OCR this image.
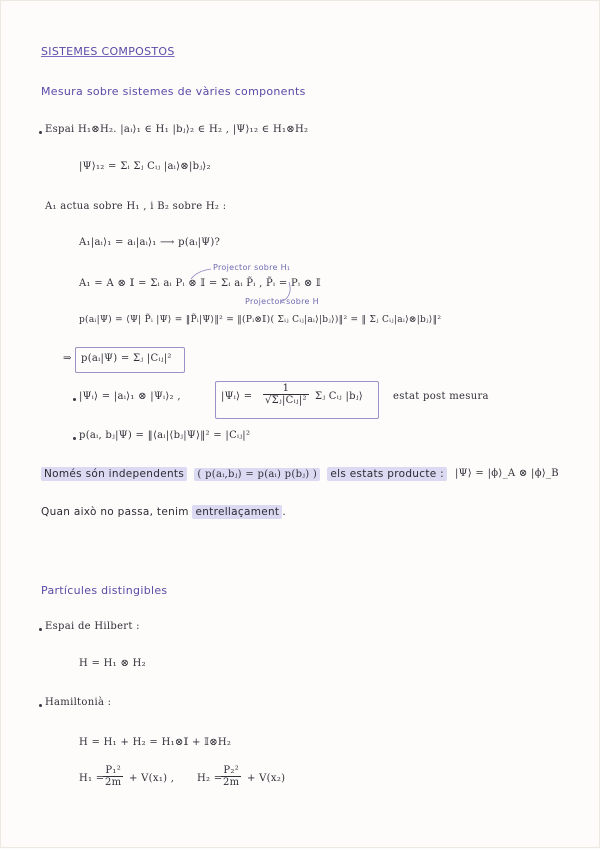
SISTEMES COMPOSTOS
Mesura sobre sistemes de vàries components
Espai H₁⊗H₂. |aᵢ⟩₁ ∈ H₁ |bⱼ⟩₂ ∈ H₂ , |Ψ⟩₁₂ ∈ H₁⊗H₂
|Ψ⟩₁₂ = Σᵢ Σⱼ Cᵢⱼ |aᵢ⟩⊗|bⱼ⟩₂
A₁ actua sobre H₁ , i B₂ sobre H₂ :
A₁|aᵢ⟩₁ = aᵢ|aᵢ⟩₁ ⟶ p(aᵢ|Ψ)?
Projector sobre H₁
A₁ = A ⊗ 𝕀 = Σᵢ aᵢ Pᵢ ⊗ 𝕀 = Σᵢ aᵢ P̃ᵢ , P̃ᵢ = Pᵢ ⊗ 𝕀
Projector sobre H
p(aᵢ|Ψ) = ⟨Ψ| P̃ᵢ |Ψ⟩ = ‖P̃ᵢ|Ψ⟩‖² = ‖(Pᵢ⊗𝕀)( Σᵢⱼ Cᵢⱼ|aᵢ⟩|bⱼ⟩)‖² = ‖ Σⱼ Cᵢⱼ|aᵢ⟩⊗|bⱼ⟩‖²
⇒ p(aᵢ|Ψ) = Σⱼ |Cᵢⱼ|²
|Ψᵢ⟩ = |aᵢ⟩₁ ⊗ |Ψᵢ⟩₂ ,	|Ψᵢ⟩ = $\frac{1}{\text{√Σⱼ|Cᵢⱼ|²}}$ Σⱼ Cᵢⱼ |bⱼ⟩	estat post mesura
p(aᵢ, bⱼ|Ψ) = ‖⟨aᵢ|⟨bⱼ|Ψ⟩‖² = |Cᵢⱼ|²
Només són independents ( p(aᵢ,bⱼ) = p(aᵢ) p(bⱼ) ) els estats producte :	|Ψ⟩ = |ϕ⟩_A ⊗ |ϕ⟩_B
Quan això no passa, tenim entrellaçament .
Partícules distingibles
Espai de Hilbert :
H = H₁ ⊗ H₂
Hamiltonià :
H = H₁ + H₂ = H₁⊗𝕀 + 𝕀⊗H₂
H₁ =
$\frac{\text{P₁²}}{2m} + V(x_1)$ , H₂ =
$\frac{\text{P₂²}}{2m} + V(x_2)$
